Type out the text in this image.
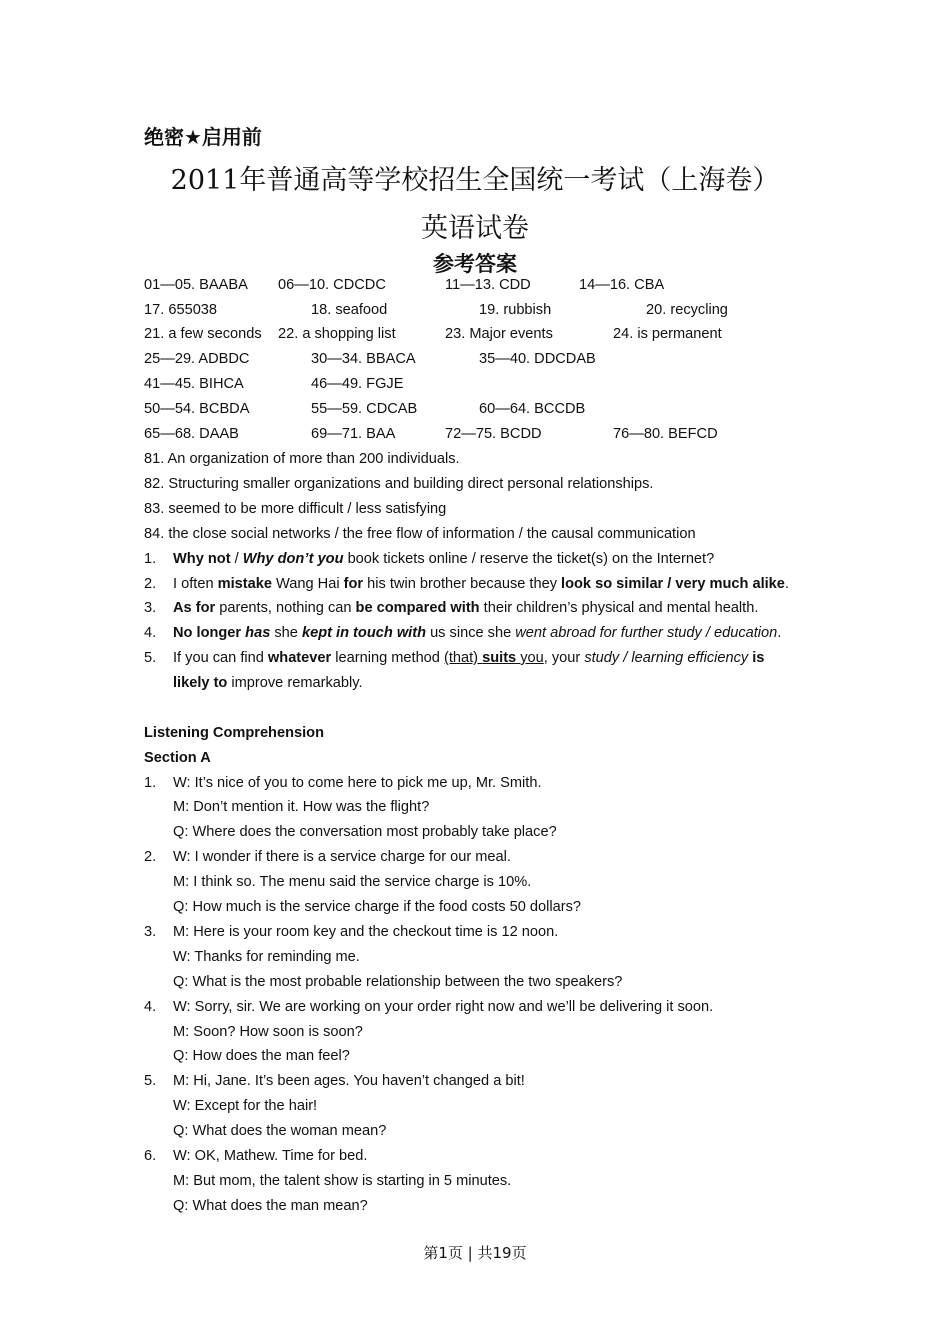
绝密★启用前
2011年普通高等学校招生全国统一考试（上海卷）
英语试卷
参考答案
01—05. BAABA 06—10. CDCDC	11—13. CDD	14—16. CBA
17. 655038	18. seafood	19. rubbish	20. recycling
21. a few seconds 22. a shopping list	23. Major events	24. is permanent
25—29. ADBDC	30—34. BBACA	35—40. DDCDAB
41—45. BIHCA	46—49. FGJE
50—54. BCBDA	55—59. CDCAB	60—64. BCCDB
65—68. DAAB	69—71. BAA	72—75. BCDD	76—80. BEFCD
81. An organization of more than 200 individuals.
82. Structuring smaller organizations and building direct personal relationships.
83. seemed to be more difficult / less satisfying
84. the close social networks / the free flow of information / the causal communication
1. Why not / Why don’t you book tickets online / reserve the ticket(s) on the Internet?
2. I often mistake Wang Hai for his twin brother because they look so similar / very much alike.
3. As for parents, nothing can be compared with their children’s physical and mental health.
4. No longer has she kept in touch with us since she went abroad for further study / education.
5. If you can find whatever learning method (that) suits you, your study / learning efficiency is
likely to improve remarkably.
Listening Comprehension
Section A
1. W: It’s nice of you to come here to pick me up, Mr. Smith.
M: Don’t mention it. How was the flight?
Q: Where does the conversation most probably take place?
2. W: I wonder if there is a service charge for our meal.
M: I think so. The menu said the service charge is 10%.
Q: How much is the service charge if the food costs 50 dollars?
3. M: Here is your room key and the checkout time is 12 noon.
W: Thanks for reminding me.
Q: What is the most probable relationship between the two speakers?
4. W: Sorry, sir. We are working on your order right now and we’ll be delivering it soon.
M: Soon? How soon is soon?
Q: How does the man feel?
5. M: Hi, Jane. It’s been ages. You haven’t changed a bit!
W: Except for the hair!
Q: What does the woman mean?
6. W: OK, Mathew. Time for bed.
M: But mom, the talent show is starting in 5 minutes.
Q: What does the man mean?
第1页 | 共19页
